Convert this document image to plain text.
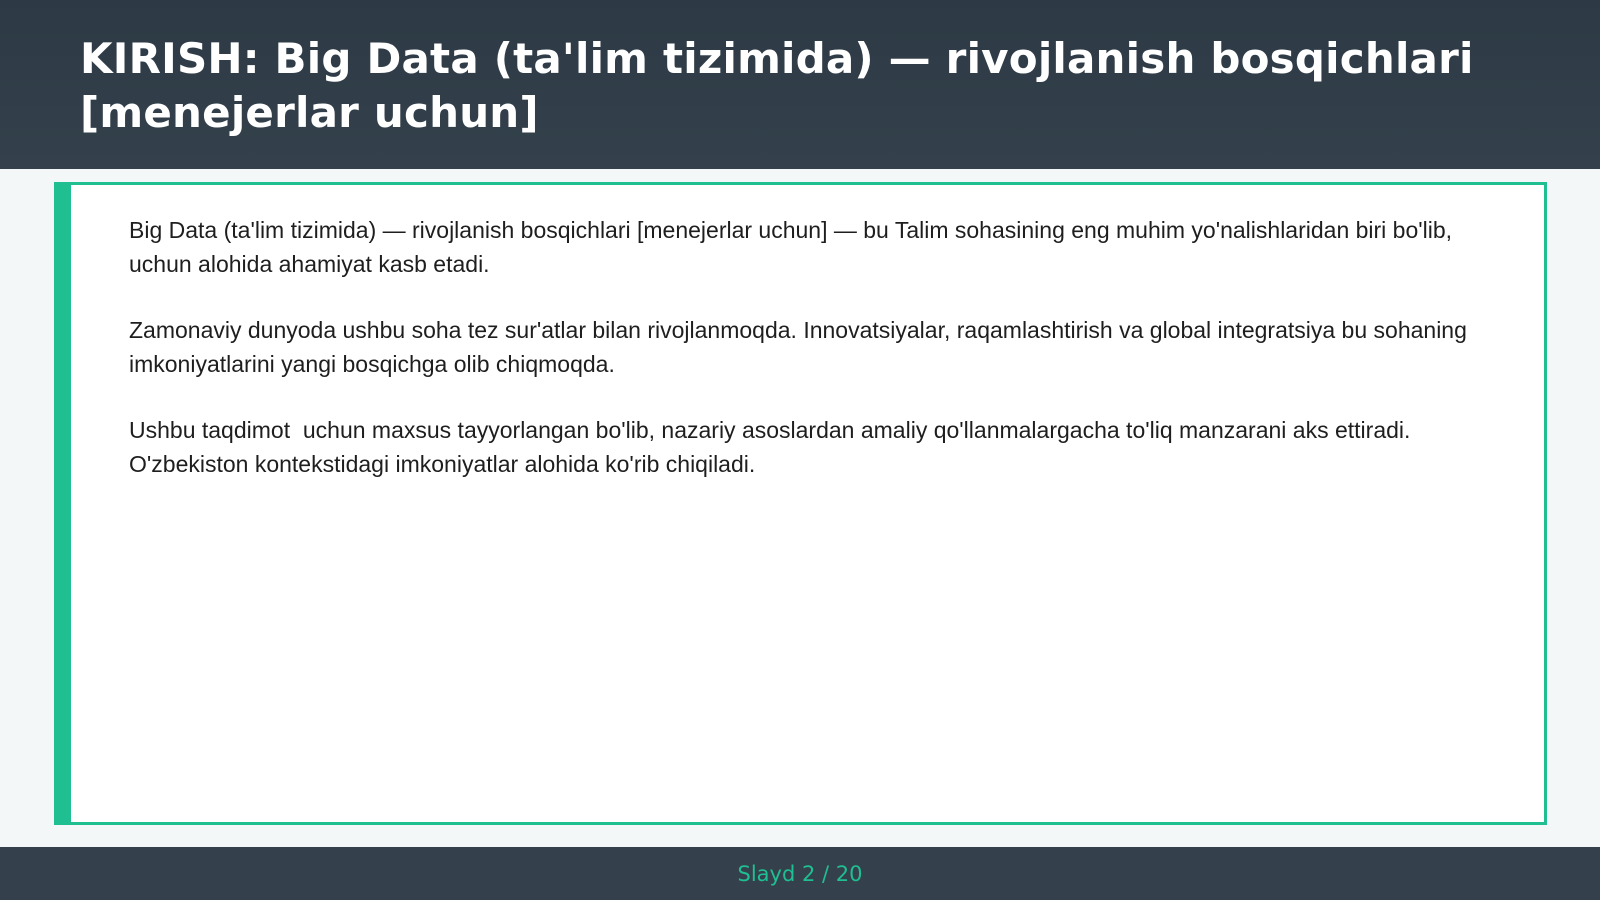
KIRISH: Big Data (ta'lim tizimida) — rivojlanish bosqichlari [menejerlar uchun]

Big Data (ta'lim tizimida) — rivojlanish bosqichlari [menejerlar uchun] — bu Talim sohasining eng muhim yo'nalishlaridan biri bo'lib,  uchun alohida ahamiyat kasb etadi.

Zamonaviy dunyoda ushbu soha tez sur'atlar bilan rivojlanmoqda. Innovatsiyalar, raqamlashtirish va global integratsiya bu sohaning imkoniyatlarini yangi bosqichga olib chiqmoqda.

Ushbu taqdimot  uchun maxsus tayyorlangan bo'lib, nazariy asoslardan amaliy qo'llanmalargacha to'liq manzarani aks ettiradi. O'zbekiston kontekstidagi imkoniyatlar alohida ko'rib chiqiladi.

Slayd 2 / 20
